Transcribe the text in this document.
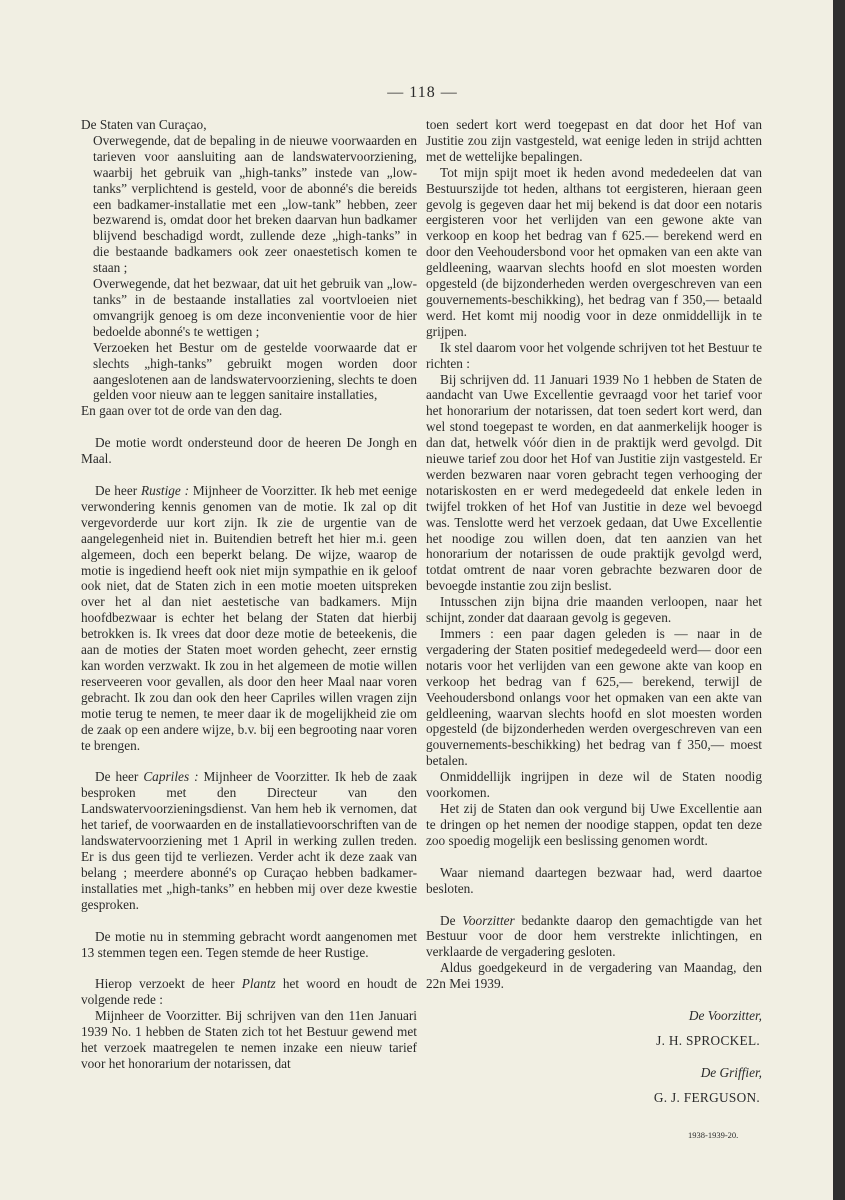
— 118 —

De Staten van Curaçao,

Overwegende, dat de bepaling in de nieuwe voorwaarden en tarieven voor aansluiting aan de landswatervoorziening, waarbij het gebruik van „high-tanks” instede van „low-tanks” verplichtend is gesteld, voor de abonné's die bereids een badkamer-installatie met een „low-tank” hebben, zeer bezwarend is, omdat door het breken daarvan hun badkamer blijvend beschadigd wordt, zullende deze „high-tanks” in die bestaande badkamers ook zeer onaestetisch komen te staan ;

Overwegende, dat het bezwaar, dat uit het gebruik van „low-tanks” in de bestaande installaties zal voortvloeien niet omvangrijk genoeg is om deze inconvenientie voor de hier bedoelde abonné's te wettigen ;

Verzoeken het Bestur om de gestelde voorwaarde dat er slechts „high-tanks” gebruikt mogen worden door aangeslotenen aan de landswatervoorziening, slechts te doen gelden voor nieuw aan te leggen sanitaire installaties,

En gaan over tot de orde van den dag.

De motie wordt ondersteund door de heeren De Jongh en Maal.

De heer Rustige : Mijnheer de Voorzitter. Ik heb met eenige verwondering kennis genomen van de motie. Ik zal op dit vergevorderde uur kort zijn. Ik zie de urgentie van de aangelegenheid niet in. Buitendien betreft het hier m.i. geen algemeen, doch een beperkt belang. De wijze, waarop de motie is ingediend heeft ook niet mijn sympathie en ik geloof ook niet, dat de Staten zich in een motie moeten uitspreken over het al dan niet aestetische van badkamers. Mijn hoofdbezwaar is echter het belang der Staten dat hierbij betrokken is. Ik vrees dat door deze motie de beteekenis, die aan de moties der Staten moet worden gehecht, zeer ernstig kan worden verzwakt. Ik zou in het algemeen de motie willen reserveeren voor gevallen, als door den heer Maal naar voren gebracht. Ik zou dan ook den heer Capriles willen vragen zijn motie terug te nemen, te meer daar ik de mogelijkheid zie om de zaak op een andere wijze, b.v. bij een begrooting naar voren te brengen.

De heer Capriles : Mijnheer de Voorzitter. Ik heb de zaak besproken met den Directeur van den Landswatervoorzieningsdienst. Van hem heb ik vernomen, dat het tarief, de voorwaarden en de installatievoorschriften van de landswatervoorziening met 1 April in werking zullen treden. Er is dus geen tijd te verliezen. Verder acht ik deze zaak van belang ; meerdere abonné's op Curaçao hebben badkamer-installaties met „high-tanks” en hebben mij over deze kwestie gesproken.

De motie nu in stemming gebracht wordt aangenomen met 13 stemmen tegen een. Tegen stemde de heer Rustige.

Hierop verzoekt de heer Plantz het woord en houdt de volgende rede :

Mijnheer de Voorzitter. Bij schrijven van den 11en Januari 1939 No. 1 hebben de Staten zich tot het Bestuur gewend met het verzoek maatregelen te nemen inzake een nieuw tarief voor het honorarium der notarissen, dat

toen sedert kort werd toegepast en dat door het Hof van Justitie zou zijn vastgesteld, wat eenige leden in strijd achtten met de wettelijke bepalingen.

Tot mijn spijt moet ik heden avond mededeelen dat van Bestuurszijde tot heden, althans tot eergisteren, hieraan geen gevolg is gegeven daar het mij bekend is dat door een notaris eergisteren voor het verlijden van een gewone akte van verkoop en koop het bedrag van f 625.— berekend werd en door den Veehoudersbond voor het opmaken van een akte van geldleening, waarvan slechts hoofd en slot moesten worden opgesteld (de bijzonderheden werden overgeschreven van een gouvernements-beschikking), het bedrag van f 350,— betaald werd. Het komt mij noodig voor in deze onmiddellijk in te grijpen.

Ik stel daarom voor het volgende schrijven tot het Bestuur te richten :

Bij schrijven dd. 11 Januari 1939 No 1 hebben de Staten de aandacht van Uwe Excellentie gevraagd voor het tarief voor het honorarium der notarissen, dat toen sedert kort werd, dan wel stond toegepast te worden, en dat aanmerkelijk hooger is dan dat, hetwelk vóór dien in de praktijk werd gevolgd. Dit nieuwe tarief zou door het Hof van Justitie zijn vastgesteld. Er werden bezwaren naar voren gebracht tegen verhooging der notariskosten en er werd medegedeeld dat enkele leden in twijfel trokken of het Hof van Justitie in deze wel bevoegd was. Tenslotte werd het verzoek gedaan, dat Uwe Excellentie het noodige zou willen doen, dat ten aanzien van het honorarium der notarissen de oude praktijk gevolgd werd, totdat omtrent de naar voren gebrachte bezwaren door de bevoegde instantie zou zijn beslist.

Intusschen zijn bijna drie maanden verloopen, naar het schijnt, zonder dat daaraan gevolg is gegeven.

Immers : een paar dagen geleden is — naar in de vergadering der Staten positief medegedeeld werd— door een notaris voor het verlijden van een gewone akte van koop en verkoop het bedrag van f 625,— berekend, terwijl de Veehoudersbond onlangs voor het opmaken van een akte van geldleening, waarvan slechts hoofd en slot moesten worden opgesteld (de bijzonderheden werden overgeschreven van een gouvernements-beschikking) het bedrag van f 350,— moest betalen.

Onmiddellijk ingrijpen in deze wil de Staten noodig voorkomen.

Het zij de Staten dan ook vergund bij Uwe Excellentie aan te dringen op het nemen der noodige stappen, opdat ten deze zoo spoedig mogelijk een beslissing genomen wordt.

Waar niemand daartegen bezwaar had, werd daartoe besloten.

De Voorzitter bedankte daarop den gemachtigde van het Bestuur voor de door hem verstrekte inlichtingen, en verklaarde de vergadering gesloten.

Aldus goedgekeurd in de vergadering van Maandag, den 22n Mei 1939.

De Voorzitter,

J. H. SPROCKEL.

De Griffier,

G. J. FERGUSON.

1938-1939-20.
